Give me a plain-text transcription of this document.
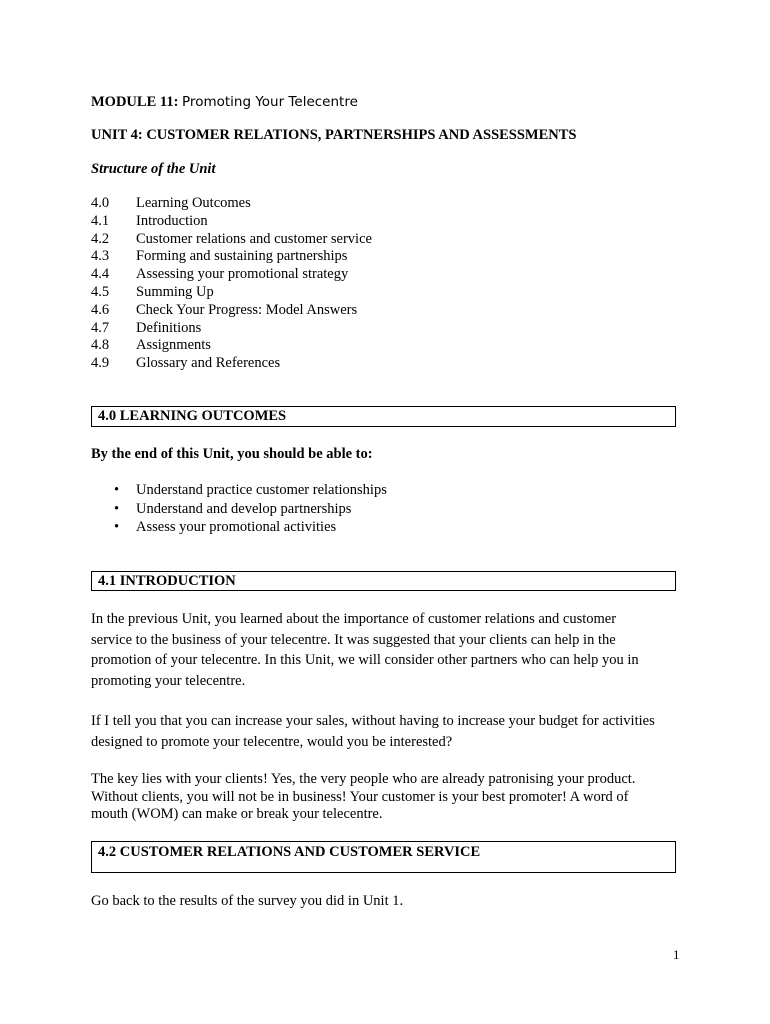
MODULE 11: Promoting Your Telecentre
UNIT 4: CUSTOMER RELATIONS, PARTNERSHIPS AND ASSESSMENTS
Structure of the Unit
4.0 Learning Outcomes
4.1 Introduction
4.2 Customer relations and customer service
4.3 Forming and sustaining partnerships
4.4 Assessing your promotional strategy
4.5 Summing Up
4.6 Check Your Progress: Model Answers
4.7 Definitions
4.8 Assignments
4.9 Glossary and References
4.0 LEARNING OUTCOMES
By the end of this Unit, you should be able to:
• Understand practice customer relationships
• Understand and develop partnerships
• Assess your promotional activities
4.1 INTRODUCTION
In the previous Unit, you learned about the importance of customer relations and customer
service to the business of your telecentre. It was suggested that your clients can help in the
promotion of your telecentre. In this Unit, we will consider other partners who can help you in
promoting your telecentre.
If I tell you that you can increase your sales, without having to increase your budget for activities
designed to promote your telecentre, would you be interested?
The key lies with your clients! Yes, the very people who are already patronising your product.
Without clients, you will not be in business! Your customer is your best promoter! A word of
mouth (WOM) can make or break your telecentre.
4.2 CUSTOMER RELATIONS AND CUSTOMER SERVICE
Go back to the results of the survey you did in Unit 1.
1
